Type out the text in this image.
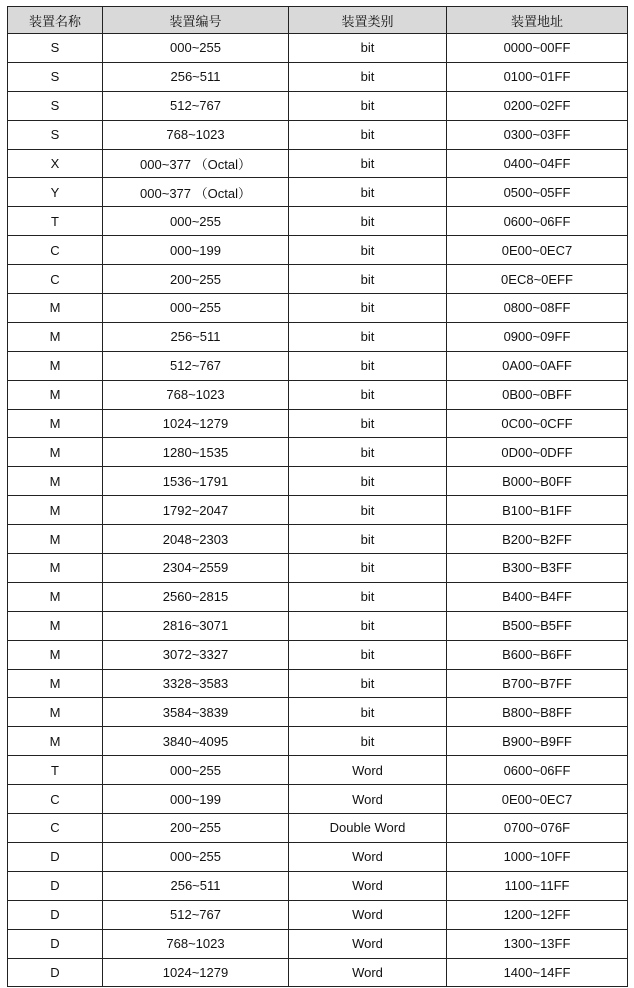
装置名称	装置编号	装置类别	装置地址
S	000~255	bit	0000~00FF
S	256~511	bit	0100~01FF
S	512~767	bit	0200~02FF
S	768~1023	bit	0300~03FF
X	000~377 （Octal）	bit	0400~04FF
Y	000~377 （Octal）	bit	0500~05FF
T	000~255	bit	0600~06FF
C	000~199	bit	0E00~0EC7
C	200~255	bit	0EC8~0EFF
M	000~255	bit	0800~08FF
M	256~511	bit	0900~09FF
M	512~767	bit	0A00~0AFF
M	768~1023	bit	0B00~0BFF
M	1024~1279	bit	0C00~0CFF
M	1280~1535	bit	0D00~0DFF
M	1536~1791	bit	B000~B0FF
M	1792~2047	bit	B100~B1FF
M	2048~2303	bit	B200~B2FF
M	2304~2559	bit	B300~B3FF
M	2560~2815	bit	B400~B4FF
M	2816~3071	bit	B500~B5FF
M	3072~3327	bit	B600~B6FF
M	3328~3583	bit	B700~B7FF
M	3584~3839	bit	B800~B8FF
M	3840~4095	bit	B900~B9FF
T	000~255	Word	0600~06FF
C	000~199	Word	0E00~0EC7
C	200~255	Double Word	0700~076F
D	000~255	Word	1000~10FF
D	256~511	Word	1100~11FF
D	512~767	Word	1200~12FF
D	768~1023	Word	1300~13FF
D	1024~1279	Word	1400~14FF
